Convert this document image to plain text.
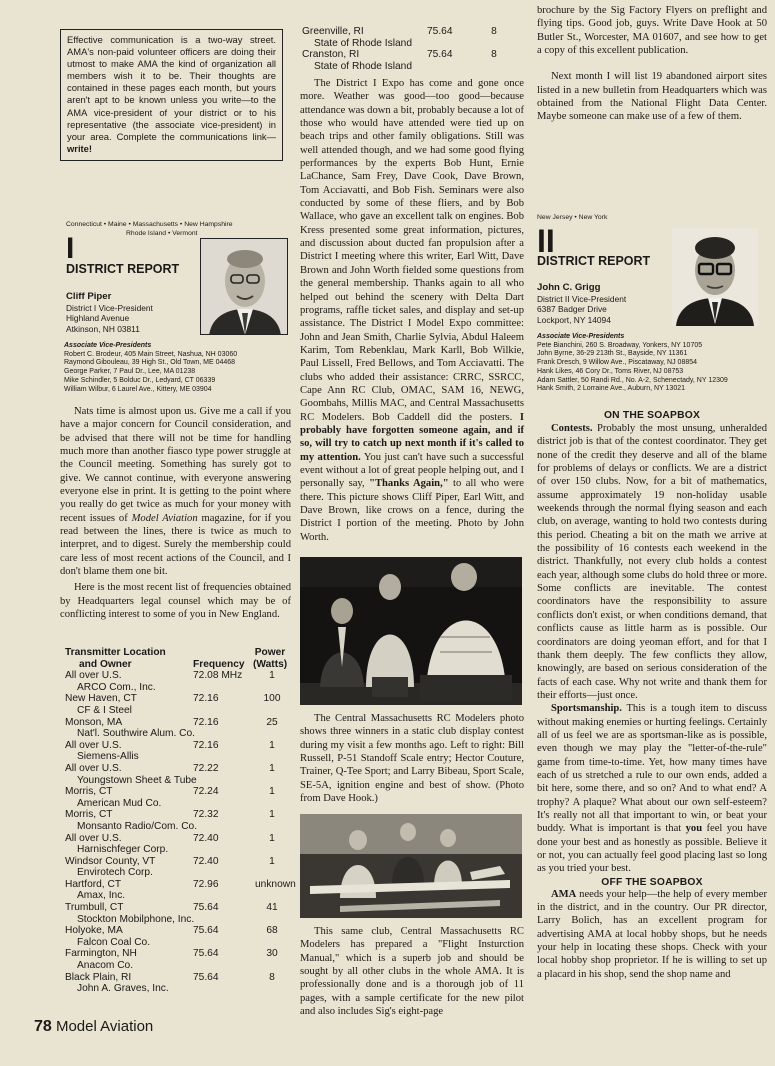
Effective communication is a two-way street. AMA's non-paid volunteer officers are doing their utmost to make AMA the kind of organization all members wish it to be. Their thoughts are contained in these pages each month, but yours aren't apt to be known unless you write—to the AMA vice-president of your district or to his representative (the associate vice-president) in your area. Complete the communications link—write!
Connecticut • Maine • Massachusetts • New Hampshire
Rhode Island • Vermont
I
DISTRICT REPORT
Cliff Piper
District I Vice-President
Highland Avenue
Atkinson, NH 03811
Associate Vice-Presidents
Robert C. Brodeur, 405 Main Street, Nashua, NH 03060
Raymond Gibouleau, 39 High St., Old Town, ME 04468
George Parker, 7 Paul Dr., Lee, MA 01238
Mike Schindler, 5 Bolduc Dr., Ledyard, CT 06339
William Wilbur, 6 Laurel Ave., Kittery, ME 03904

Nats time is almost upon us. Give me a call if you have a major concern for Council consideration, and be advised that there will not be time for handling much more than another fiasco type power struggle at the Council meeting. Something has surely got to give. We cannot continue, with everyone answering everyone else in print. It is getting to the point where you really do get twice as much for your money with recent issues of Model Aviation magazine, for if you read between the lines, there is twice as much to interpret, and to digest. Surely the membership could care less of most recent actions of the Council, and I don't blame them one bit.

Here is the most recent list of frequencies obtained by Headquarters legal counsel which may be of conflicting interest to some of you in New England.

Transmitter Location	Power
and Owner	Frequency (Watts)
All over U.S.	72.08 MHz	1
ARCO Com., Inc.
New Haven, CT	72.16	100
CF & I Steel
Monson, MA	72.16	25
Nat'l. Southwire Alum. Co.
All over U.S.	72.16	1
Siemens-Allis
All over U.S.	72.22	1
Youngstown Sheet & Tube
Morris, CT	72.24	1
American Mud Co.
Morris, CT	72.32	1
Monsanto Radio/Com. Co.
All over U.S.	72.40	1
Harnischfeger Corp.
Windsor County, VT	72.40	1
Envirotech Corp.
Hartford, CT	72.96	unknown
Amax, Inc.
Trumbull, CT	75.64	41
Stockton Mobilphone, Inc.
Holyoke, MA	75.64	68
Falcon Coal Co.
Farmington, NH	75.64	30
Anacom Co.
Black Plain, RI	75.64	8
John A. Graves, Inc.
Greenville, RI	75.64	8
State of Rhode Island
Cranston, RI	75.64	8
State of Rhode Island

The District I Expo has come and gone once more. Weather was good—too good—because attendance was down a bit, probably because a lot of those who would have attended were tied up on beach trips and other family obligations. Still was well attended though, and we had some good flying performances by the experts Bob Hunt, Ernie LaChance, Sam Frey, Dave Cook, Dave Brown, Tom Acciavatti, and Bob Fish. Seminars were also conducted by some of these fliers, and by Bob Wallace, who gave an excellent talk on engines. Bob Kress presented some great information, pictures, and discussion about ducted fan propulsion after a District I meeting where this writer, Earl Witt, Dave Brown and John Worth fielded some questions from the general membership. Thanks again to all who helped out behind the scenery with Delta Dart programs, raffle ticket sales, and display and set-up assistance. The District I Model Expo committee: John and Jean Smith, Charlie Sylvia, Abdul Haleem Karim, Tom Rebenklau, Mark Karll, Bob Wilkie, Paul Lissell, Fred Bellows, and Tom Acciavatti. The clubs who added their assistance: CRRC, SSRCC, Cape Ann RC Club, OMAC, SAM 16, NEWG, Goombahs, Millis MAC, and Central Massachusetts RC Modelers. Bob Caddell did the posters. I probably have forgotten someone again, and if so, will try to catch up next month if it's called to my attention. You just can't have such a successful event without a lot of great people helping out, and I personally say, "Thanks Again," to all who were there. This picture shows Cliff Piper, Earl Witt, and Dave Brown, like crows on a fence, during the District I portion of the meeting. Photo by John Worth.

The Central Massachusetts RC Modelers photo shows three winners in a static club display contest during my visit a few months ago. Left to right: Bill Russell, P-51 Standoff Scale entry; Hector Couture, Trainer, Q-Tee Sport; and Larry Bibeau, Sport Scale, SE-5A, ignition engine and best of show. (Photo from Dave Hook.)

This same club, Central Massachusetts RC Modelers has prepared a "Flight Insturction Manual," which is a superb job and should be sought by all other clubs in the whole AMA. It is professionally done and is a thorough job of 11 pages, with a sample certificate for the new pilot and also includes Sig's eight-page

brochure by the Sig Factory Flyers on preflight and flying tips. Good job, guys. Write Dave Hook at 50 Butler St., Worcester, MA 01607, and see how to get a copy of this excellent publication.

Next month I will list 19 abandoned airport sites listed in a new bulletin from Headquarters which was obtained from the National Flight Data Center. Maybe someone can make use of a few of them.

New Jersey • New York
II
DISTRICT REPORT
John C. Grigg
District II Vice-President
6387 Badger Drive
Lockport, NY 14094
Associate Vice-Presidents
Pete Bianchini, 260 S. Broadway, Yonkers, NY 10705
John Byrne, 36-29 213th St., Bayside, NY 11361
Frank Dresch, 9 Willow Ave., Piscataway, NJ 08854
Hank Likes, 46 Cory Dr., Toms River, NJ 08753
Adam Sattler, 50 Randi Rd., No. A-2, Schenectady, NY 12309
Hank Smith, 2 Lorraine Ave., Auburn, NY 13021
ON THE SOAPBOX

Contests. Probably the most unsung, unheralded district job is that of the contest coordinator. They get none of the credit they deserve and all of the blame for problems of delays or conflicts. We are a district of over 150 clubs. Now, for a bit of mathematics, assume approximately 19 non-holiday usable weekends through the normal flying season and each club, on average, wanting to hold two contests during this period. Cheating a bit on the math we arrive at the possibility of 16 contests each weekend in the district. Thankfully, not every club holds a contest each year, although some clubs do hold three or more. Some conflicts are inevitable. The contest coordinators have the responsibility to assure conflicts don't exist, or when conditions demand, that conflicts cause as little harm as is possible. Our coordinators are doing yeoman effort, and for that I thank them deeply. The few conflicts they allow, knowingly, are based on serious consideration of the facts of each case. Why not write and thank them for their efforts—just once.

Sportsmanship. This is a tough item to discuss without making enemies or hurting feelings. Certainly all of us feel we are as sportsman-like as is possible, even though we may play the "letter-of-the-rule" game from time-to-time. Yet, how many times have each of us stretched a rule to our own ends, added a bit here, some there, and so on? And to what end? A trophy? A plaque? What about our own self-esteem? It's really not all that important to win, or beat your buddy. What is important is that you feel you have done your best and as honestly as possible. Believe it or not, you can actually feel good placing last so long as you tried your best.

OFF THE SOAPBOX

AMA needs your help—the help of every member in the district, and in the country. Our PR director, Larry Bolich, has an excellent program for advertising AMA at local hobby shops, but he needs your help in locating these shops. Check with your local hobby shop proprietor. If he is willing to set up a placard in his shop, send the shop name and

78 Model Aviation
